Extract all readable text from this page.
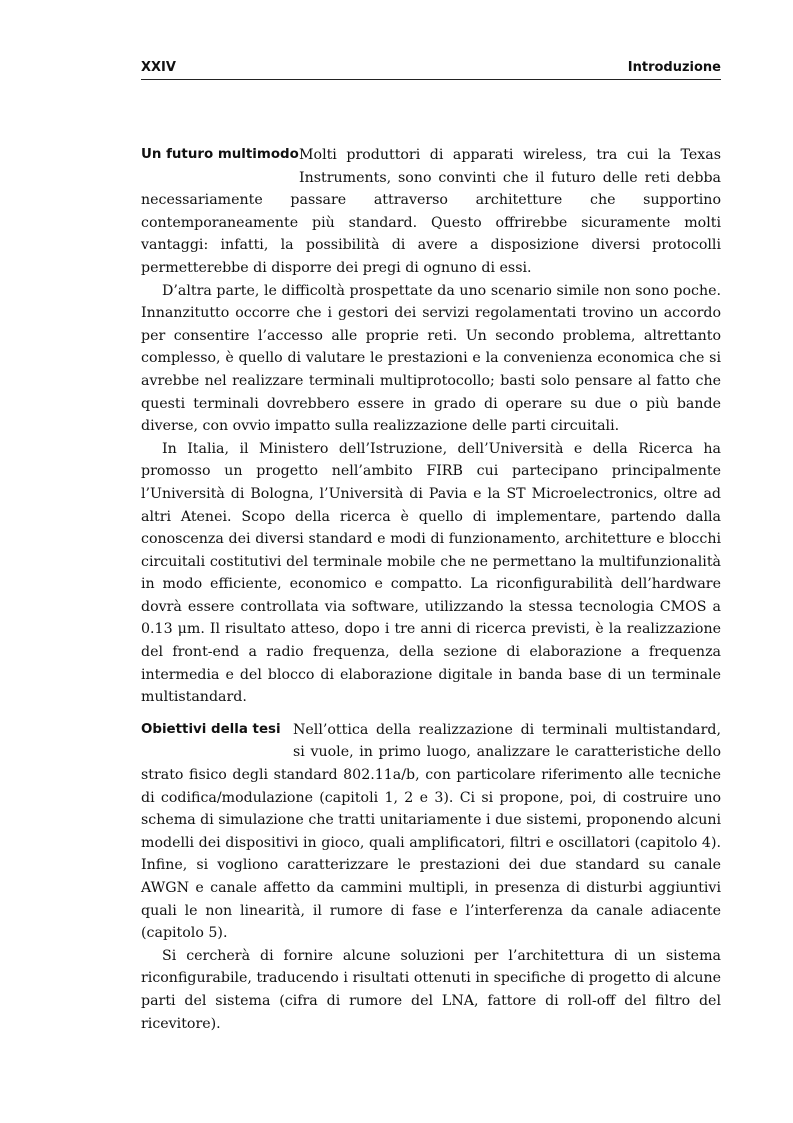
XXIV	Introduzione
Un futuro multimodo Molti produttori di apparati wireless, tra cui la Texas Instruments, sono convinti che il futuro delle reti debba necessariamente passare attraverso architetture che supportino contemporaneamente più standard. Questo offrirebbe sicuramente molti vantaggi: infatti, la possibilità di avere a disposizione diversi protocolli permetterebbe di disporre dei pregi di ognuno di essi.

D’altra parte, le difficoltà prospettate da uno scenario simile non sono poche. Innanzitutto occorre che i gestori dei servizi regolamentati trovino un accordo per consentire l’accesso alle proprie reti. Un secondo problema, altrettanto complesso, è quello di valutare le prestazioni e la convenienza economica che si avrebbe nel realizzare terminali multiprotocollo; basti solo pensare al fatto che questi terminali dovrebbero essere in grado di operare su due o più bande diverse, con ovvio impatto sulla realizzazione delle parti circuitali.

In Italia, il Ministero dell’Istruzione, dell’Università e della Ricerca ha promosso un progetto nell’ambito FIRB cui partecipano principalmente l’Università di Bologna, l’Università di Pavia e la ST Microelectronics, oltre ad altri Atenei. Scopo della ricerca è quello di implementare, partendo dalla conoscenza dei diversi standard e modi di funzionamento, architetture e blocchi circuitali costitutivi del terminale mobile che ne permettano la multifunzionalità in modo efficiente, economico e compatto. La riconfigurabilità dell’hardware dovrà essere controllata via software, utilizzando la stessa tecnologia CMOS a 0.13 μm. Il risultato atteso, dopo i tre anni di ricerca previsti, è la realizzazione del front-end a radio frequenza, della sezione di elaborazione a frequenza intermedia e del blocco di elaborazione digitale in banda base di un terminale multistandard.

Obiettivi della tesi Nell’ottica della realizzazione di terminali multistandard, si vuole, in primo luogo, analizzare le caratteristiche dello strato fisico degli standard 802.11a/b, con particolare riferimento alle tecniche di codifica/modulazione (capitoli 1, 2 e 3). Ci si propone, poi, di costruire uno schema di simulazione che tratti unitariamente i due sistemi, proponendo alcuni modelli dei dispositivi in gioco, quali amplificatori, filtri e oscillatori (capitolo 4). Infine, si vogliono caratterizzare le prestazioni dei due standard su canale AWGN e canale affetto da cammini multipli, in presenza di disturbi aggiuntivi quali le non linearità, il rumore di fase e l’interferenza da canale adiacente (capitolo 5).

Si cercherà di fornire alcune soluzioni per l’architettura di un sistema riconfigurabile, traducendo i risultati ottenuti in specifiche di progetto di alcune parti del sistema (cifra di rumore del LNA, fattore di roll-off del filtro del ricevitore).
